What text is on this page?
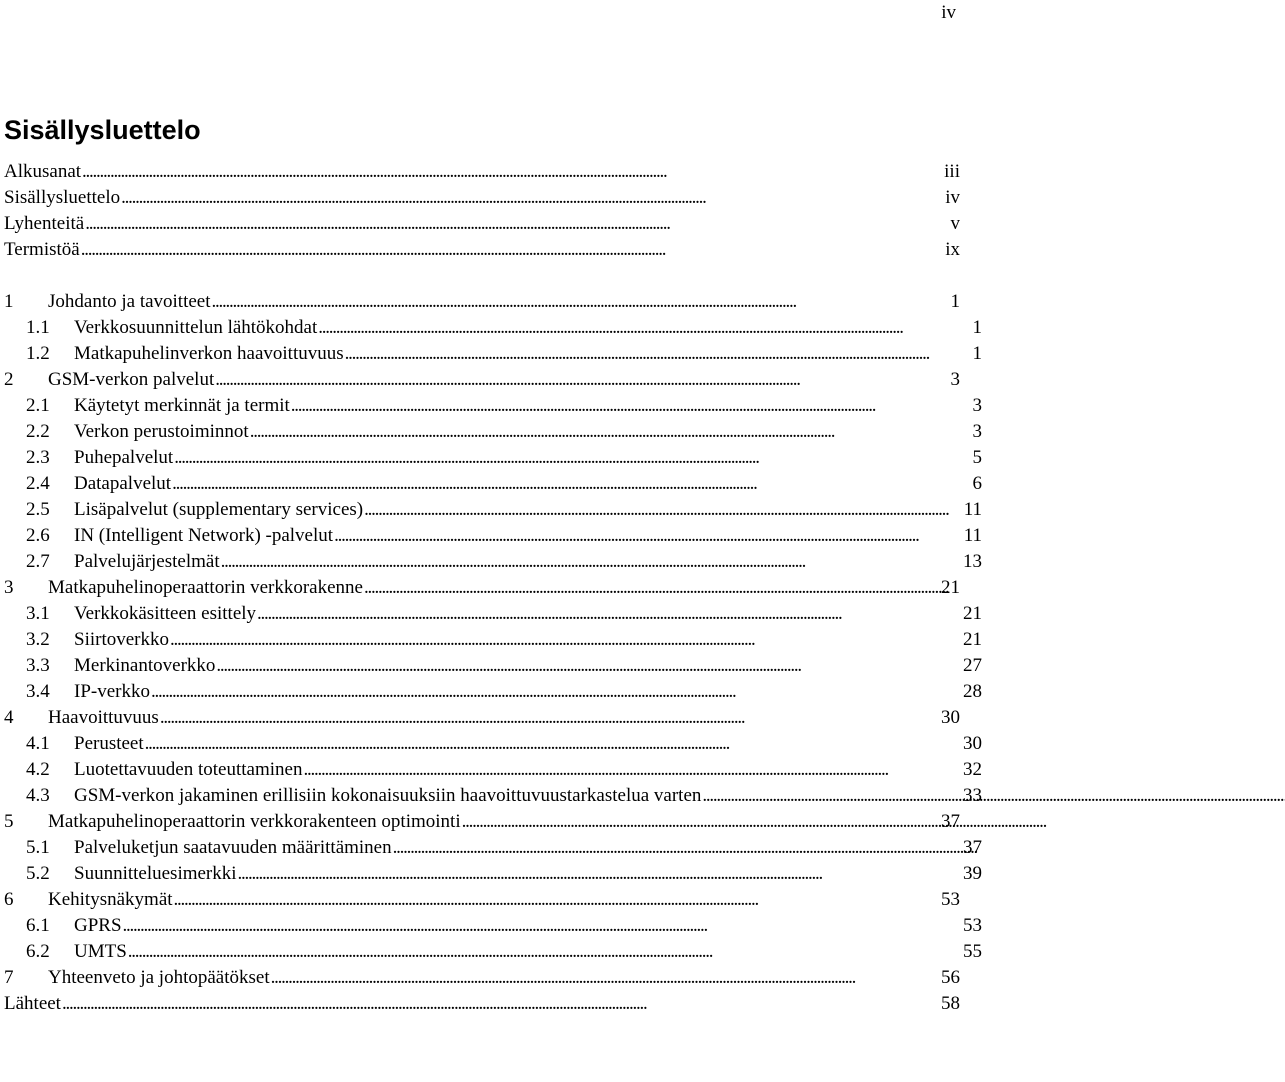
iv
Sisällysluettelo
Alkusanat . . .	iii
Sisällysluettelo . . .	iv
Lyhenteitä . . .	v
Termistöä . . .	ix
1	Johdanto ja tavoitteet . . .	1
1.1	Verkkosuunnittelun lähtökohdat . . .	1
1.2	Matkapuhelinverkon haavoittuvuus . . .	1
2	GSM-verkon palvelut . . .	3
2.1	Käytetyt merkinnät ja termit . . .	3
2.2	Verkon perustoiminnot . . .	3
2.3	Puhepalvelut . . .	5
2.4	Datapalvelut . . .	6
2.5	Lisäpalvelut (supplementary services) . . .	11
2.6	IN (Intelligent Network) -palvelut . . .	11
2.7	Palvelujärjestelmät . . .	13
3	Matkapuhelinoperaattorin verkkorakenne . . .	21
3.1	Verkkokäsitteen esittely . . .	21
3.2	Siirtoverkko . . .	21
3.3	Merkinantoverkko . . .	27
3.4	IP-verkko . . .	28
4	Haavoittuvuus . . .	30
4.1	Perusteet . . .	30
4.2	Luotettavuuden toteuttaminen . . .	32
4.3	GSM-verkon jakaminen erillisiin kokonaisuuksiin haavoittuvuustarkastelua varten . . .	33
5	Matkapuhelinoperaattorin verkkorakenteen optimointi . . .	37
5.1	Palveluketjun saatavuuden määrittäminen . . .	37
5.2	Suunnitteluesimerkki . . .	39
6	Kehitysnäkymät . . .	53
6.1	GPRS . . .	53
6.2	UMTS . . .	55
7	Yhteenveto ja johtopäätökset . . .	56
Lähteet . . .	58
